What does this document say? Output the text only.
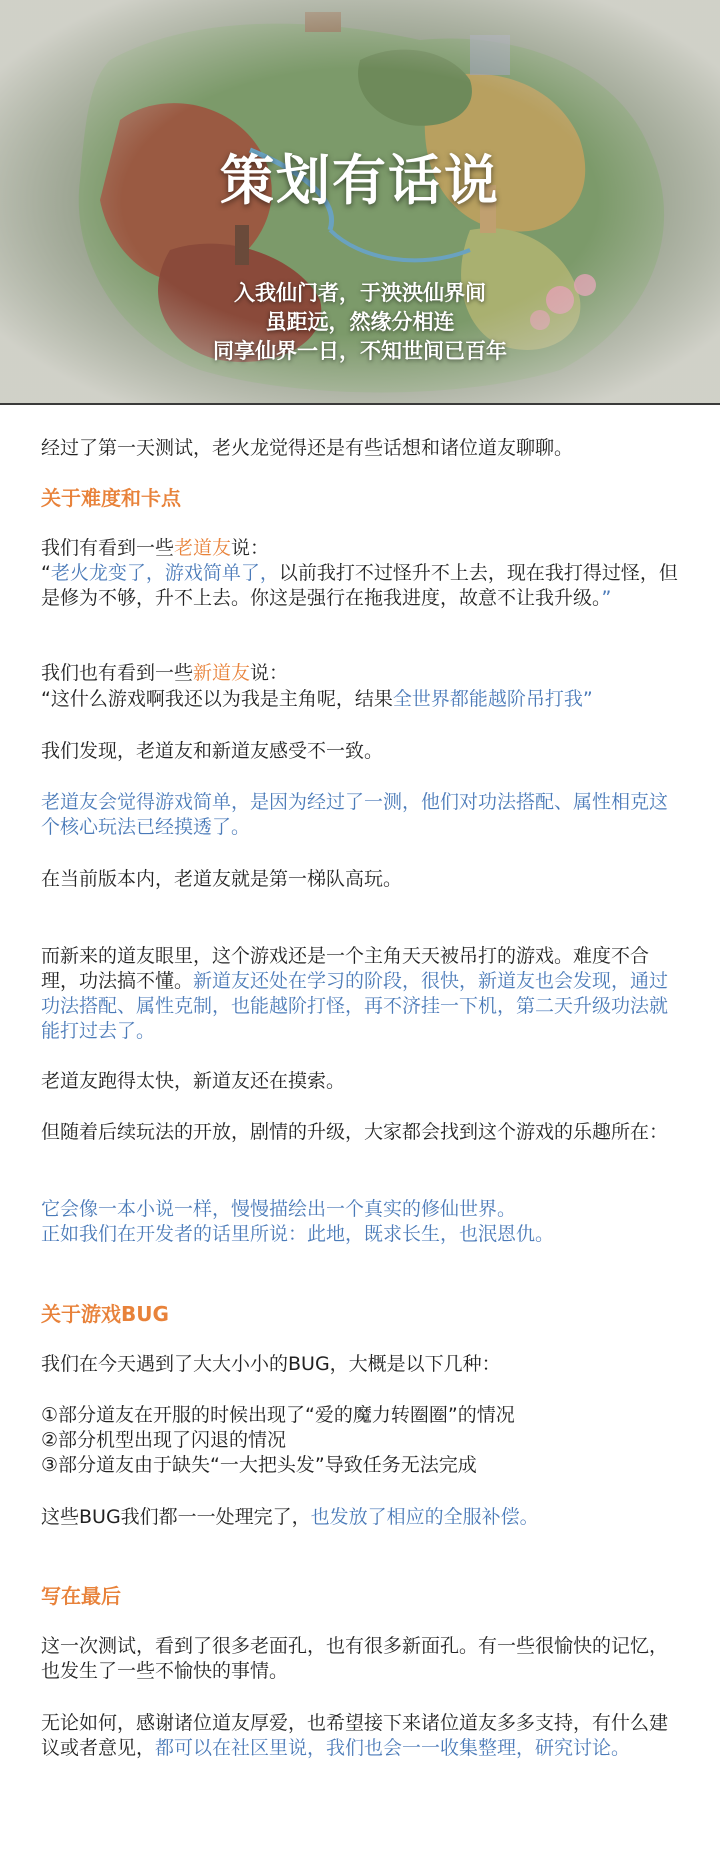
策划有话说
入我仙门者，于泱泱仙界间
虽距远，然缘分相连
同享仙界一日，不知世间已百年
经过了第一天测试，老火龙觉得还是有些话想和诸位道友聊聊。
关于难度和卡点
我们有看到一些老道友说：
“老火龙变了，游戏简单了，以前我打不过怪升不上去，现在我打得过怪，但是修为不够，升不上去。你这是强行在拖我进度，故意不让我升级。”
我们也有看到一些新道友说：
“这什么游戏啊我还以为我是主角呢，结果全世界都能越阶吊打我”
我们发现，老道友和新道友感受不一致。
老道友会觉得游戏简单，是因为经过了一测，他们对功法搭配、属性相克这个核心玩法已经摸透了。
在当前版本内，老道友就是第一梯队高玩。
而新来的道友眼里，这个游戏还是一个主角天天被吊打的游戏。难度不合理，功法搞不懂。新道友还处在学习的阶段，很快，新道友也会发现，通过功法搭配、属性克制，也能越阶打怪，再不济挂一下机，第二天升级功法就能打过去了。
老道友跑得太快，新道友还在摸索。
但随着后续玩法的开放，剧情的升级，大家都会找到这个游戏的乐趣所在：
它会像一本小说一样，慢慢描绘出一个真实的修仙世界。
正如我们在开发者的话里所说：此地，既求长生，也泯恩仇。
关于游戏BUG
我们在今天遇到了大大小小的BUG，大概是以下几种：
①部分道友在开服的时候出现了“爱的魔力转圈圈”的情况
②部分机型出现了闪退的情况
③部分道友由于缺失“一大把头发”导致任务无法完成
这些BUG我们都一一处理完了，也发放了相应的全服补偿。
写在最后
这一次测试，看到了很多老面孔，也有很多新面孔。有一些很愉快的记忆，也发生了一些不愉快的事情。
无论如何，感谢诸位道友厚爱，也希望接下来诸位道友多多支持，有什么建议或者意见，都可以在社区里说，我们也会一一收集整理，研究讨论。
